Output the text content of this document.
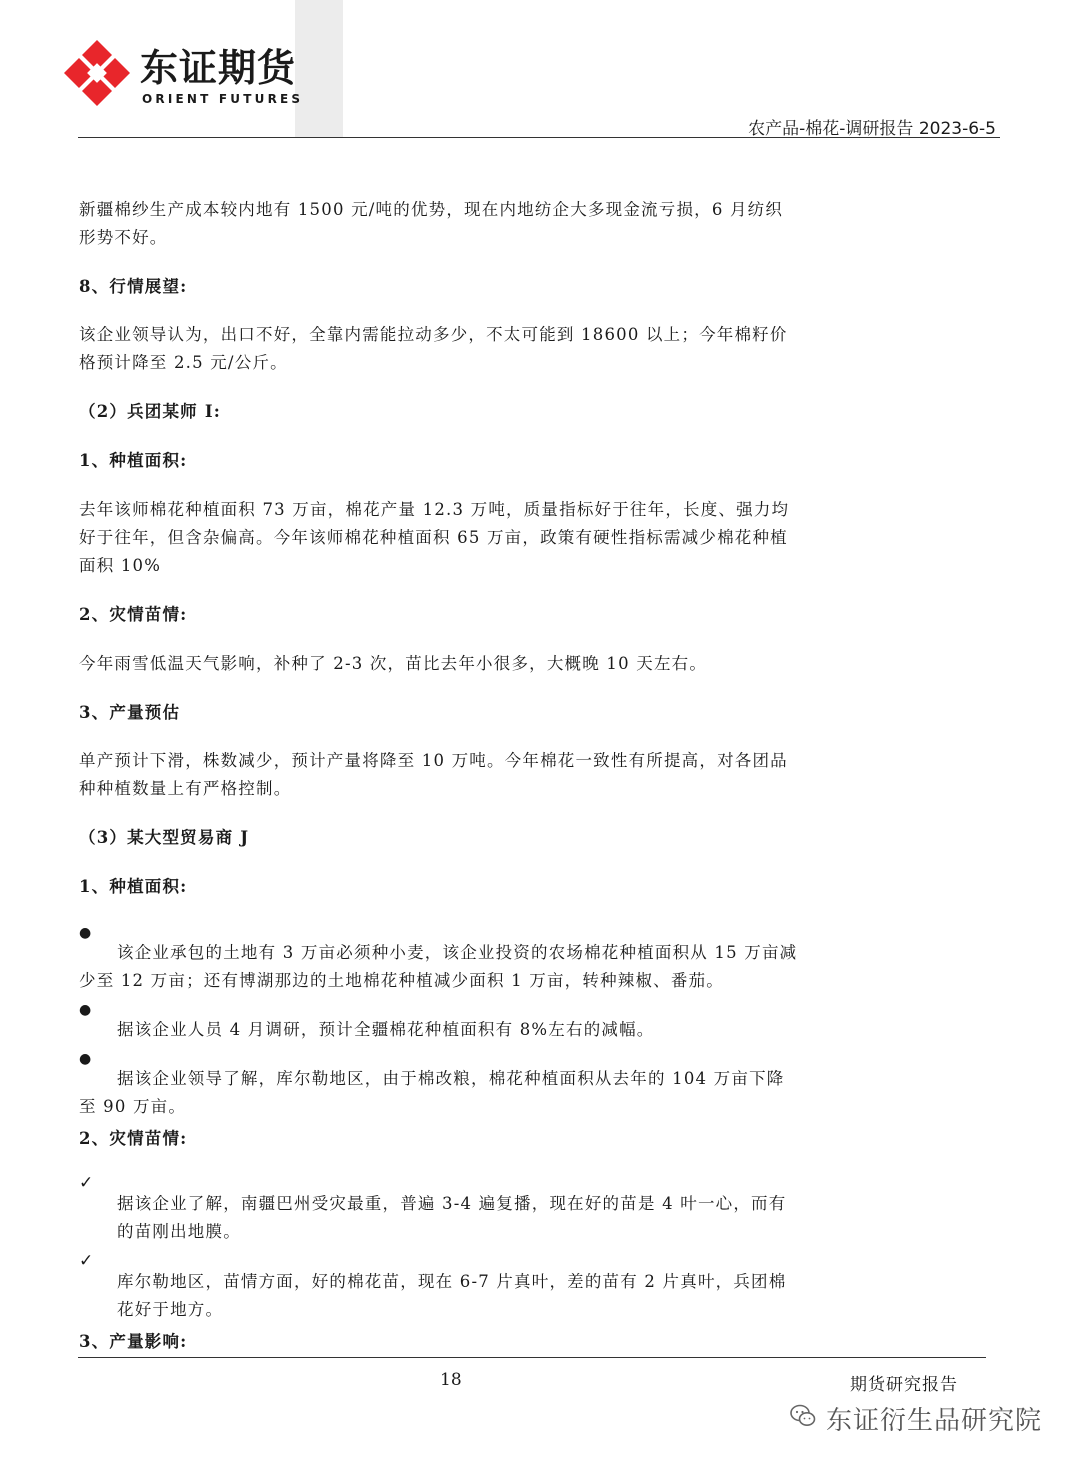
东证期货
ORIENT FUTURES
农产品-棉花-调研报告 2023-6-5

新疆棉纱生产成本较内地有 1500 元/吨的优势，现在内地纺企大多现金流亏损，6 月纺织形势不好。

8、行情展望:

该企业领导认为，出口不好，全靠内需能拉动多少，不太可能到 18600 以上；今年棉籽价格预计降至 2.5 元/公斤。

（2）兵团某师 I:

1、种植面积:

去年该师棉花种植面积 73 万亩，棉花产量 12.3 万吨，质量指标好于往年，长度、强力均好于往年，但含杂偏高。今年该师棉花种植面积 65 万亩，政策有硬性指标需减少棉花种植面积 10%

2、灾情苗情:

今年雨雪低温天气影响，补种了 2-3 次，苗比去年小很多，大概晚 10 天左右。

3、产量预估

单产预计下滑，株数减少，预计产量将降至 10 万吨。今年棉花一致性有所提高，对各团品种种植数量上有严格控制。

（3）某大型贸易商 J

1、种植面积:

●

该企业承包的土地有 3 万亩必须种小麦，该企业投资的农场棉花种植面积从 15 万亩减少至 12 万亩；还有博湖那边的土地棉花种植减少面积 1 万亩，转种辣椒、番茄。

●

据该企业人员 4 月调研，预计全疆棉花种植面积有 8%左右的减幅。

●

据该企业领导了解，库尔勒地区，由于棉改粮，棉花种植面积从去年的 104 万亩下降至 90 万亩。

2、灾情苗情:

✓

据该企业了解，南疆巴州受灾最重，普遍 3-4 遍复播，现在好的苗是 4 叶一心，而有的苗刚出地膜。

✓

库尔勒地区，苗情方面，好的棉花苗，现在 6-7 片真叶，差的苗有 2 片真叶，兵团棉花好于地方。

3、产量影响:

18	期货研究报告
东证衍生品研究院
